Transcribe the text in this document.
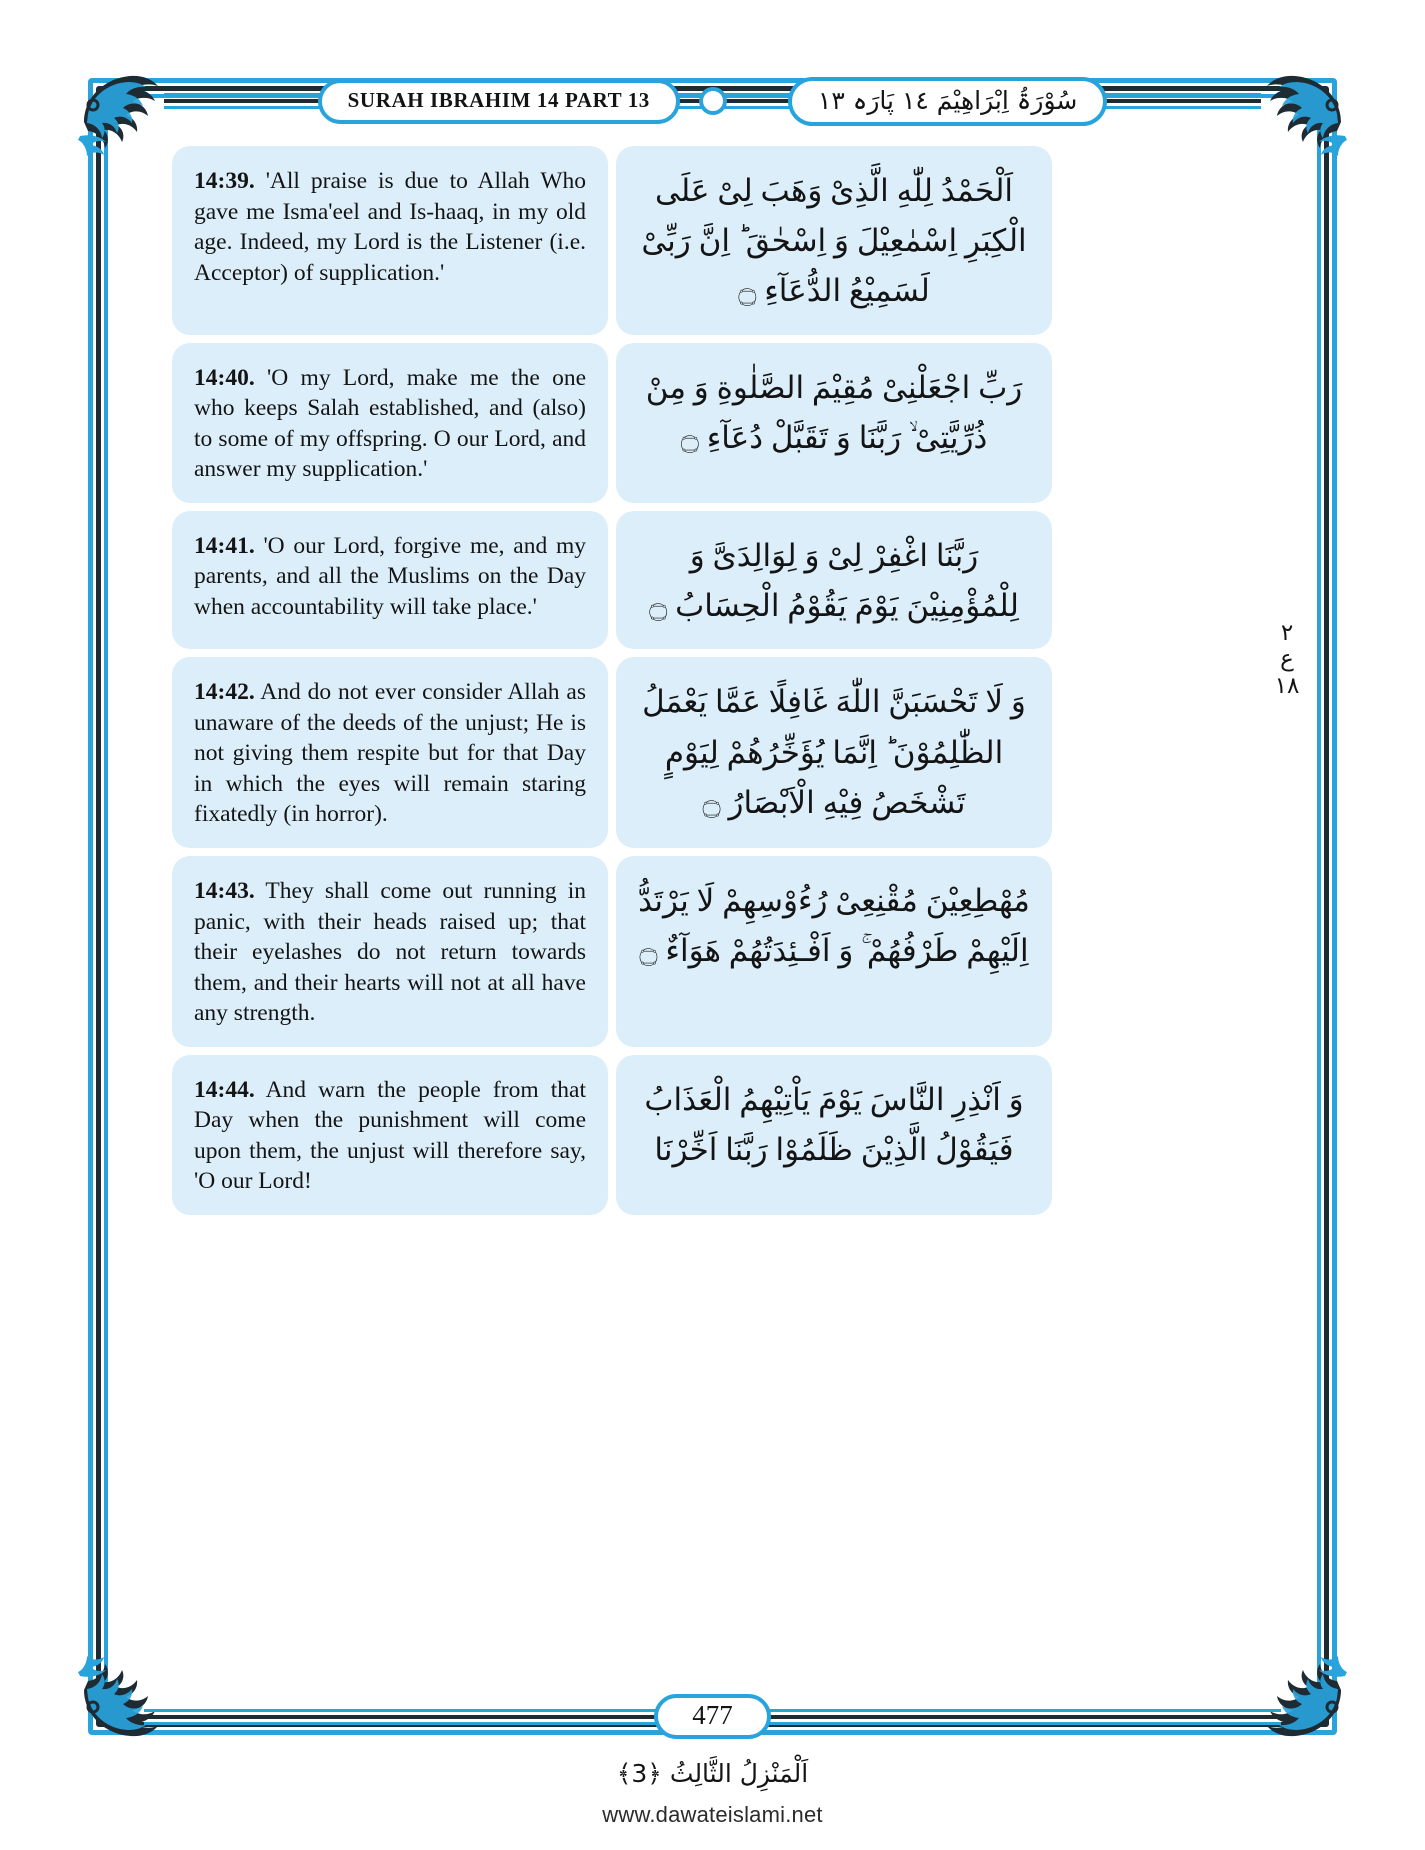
SURAH IBRAHIM 14 PART 13	سُوْرَۃُ اِبْرَاهِيْمَ ١٤ پَارَہ ١٣
14:39. 'All praise is due to Allah Who gave me Isma'eel and Is-haaq, in my old age. Indeed, my Lord is the Listener (i.e. Acceptor) of supplication.'
اَلْحَمْدُ لِلّٰهِ الَّذِىْ وَهَبَ لِىْ عَلَى الْكِبَرِ اِسْمٰعِيْلَ وَ اِسْحٰقَ ؕ اِنَّ رَبِّىْ لَسَمِيْعُ الدُّعَآءِ ۝
14:40. 'O my Lord, make me the one who keeps Salah established, and (also) to some of my offspring. O our Lord, and answer my supplication.'
رَبِّ اجْعَلْنِىْ مُقِيْمَ الصَّلٰوةِ وَ مِنْ ذُرِّيَّتِىْ ۙ رَبَّنَا وَ تَقَبَّلْ دُعَآءِ ۝
14:41. 'O our Lord, forgive me, and my parents, and all the Muslims on the Day when accountability will take place.'
رَبَّنَا اغْفِرْ لِىْ وَ لِوَالِدَىَّ وَ لِلْمُؤْمِنِيْنَ يَوْمَ يَقُوْمُ الْحِسَابُ ۝
14:42. And do not ever consider Allah as unaware of the deeds of the unjust; He is not giving them respite but for that Day in which the eyes will remain staring fixatedly (in horror).
وَ لَا تَحْسَبَنَّ اللّٰهَ غَافِلًا عَمَّا يَعْمَلُ الظّٰلِمُوْنَ ؕ اِنَّمَا يُؤَخِّرُهُمْ لِيَوْمٍ تَشْخَصُ فِيْهِ الْاَبْصَارُ ۝
14:43. They shall come out running in panic, with their heads raised up; that their eyelashes do not return towards them, and their hearts will not at all have any strength.
مُهْطِعِيْنَ مُقْنِعِىْ رُءُوْسِهِمْ لَا يَرْتَدُّ اِلَيْهِمْ طَرْفُهُمْ ۚ وَ اَفْـئِدَتُهُمْ هَوَآءٌ ۝
14:44. And warn the people from that Day when the punishment will come upon them, the unjust will therefore say, 'O our Lord!
وَ اَنْذِرِ النَّاسَ يَوْمَ يَاْتِيْهِمُ الْعَذَابُ فَيَقُوْلُ الَّذِيْنَ ظَلَمُوْا رَبَّنَا اَخِّرْنَا
٢
ع
١٨
477
اَلْمَنْزِلُ الثَّالِثُ ﴿3﴾
www.dawateislami.net
